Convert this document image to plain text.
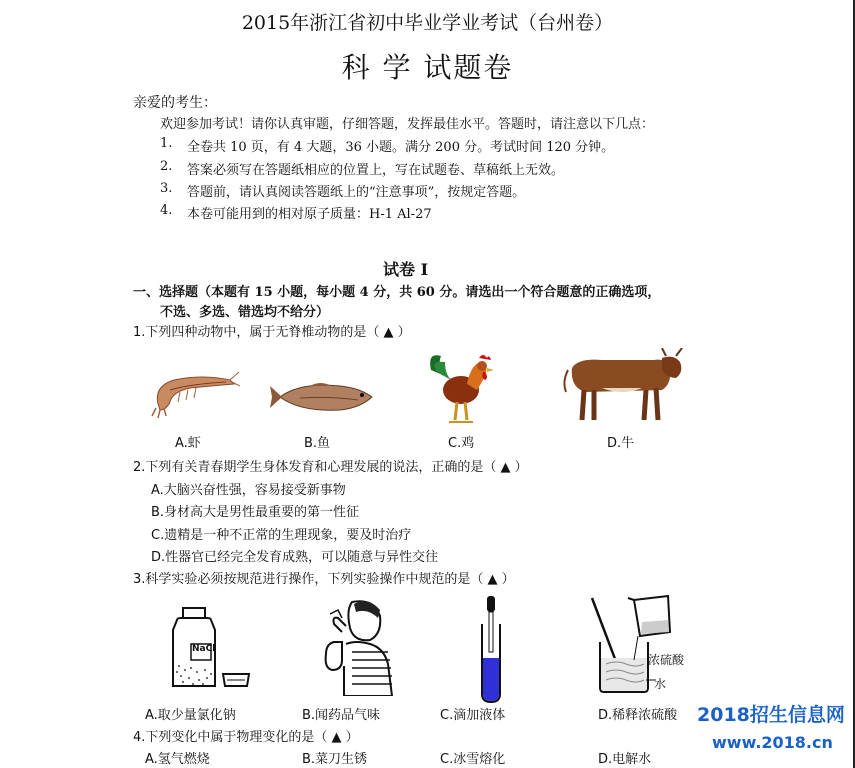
2015年浙江省初中毕业学业考试（台州卷）
科 学 试题卷
亲爱的考生：
欢迎参加考试！请你认真审题，仔细答题，发挥最佳水平。答题时，请注意以下几点：
1. 全卷共 10 页，有 4 大题，36 小题。满分 200 分。考试时间 120 分钟。
2. 答案必须写在答题纸相应的位置上，写在试题卷、草稿纸上无效。
3. 答题前，请认真阅读答题纸上的“注意事项”，按规定答题。
4. 本卷可能用到的相对原子质量：H-1 Al-27
试卷 I
一、选择题（本题有 15 小题，每小题 4 分，共 60 分。请选出一个符合题意的正确选项，
不选、多选、错选均不给分）
1.下列四种动物中，属于无脊椎动物的是（ ▲ ）
A.虾	B.鱼	C.鸡	D.牛
2.下列有关青春期学生身体发育和心理发展的说法，正确的是（ ▲ ）
A.大脑兴奋性强，容易接受新事物
B.身材高大是男性最重要的第一性征
C.遗精是一种不正常的生理现象，要及时治疗
D.性器官已经完全发育成熟，可以随意与异性交往
3.科学实验必须按规范进行操作，下列实验操作中规范的是（ ▲ ）
NaCl
浓硫酸
水
A.取少量氯化钠	B.闻药品气味	C.滴加液体	D.稀释浓硫酸
4.下列变化中属于物理变化的是（ ▲ ）
A.氢气燃烧	B.菜刀生锈	C.冰雪熔化	D.电解水
2018招生信息网
www.2018.cn
